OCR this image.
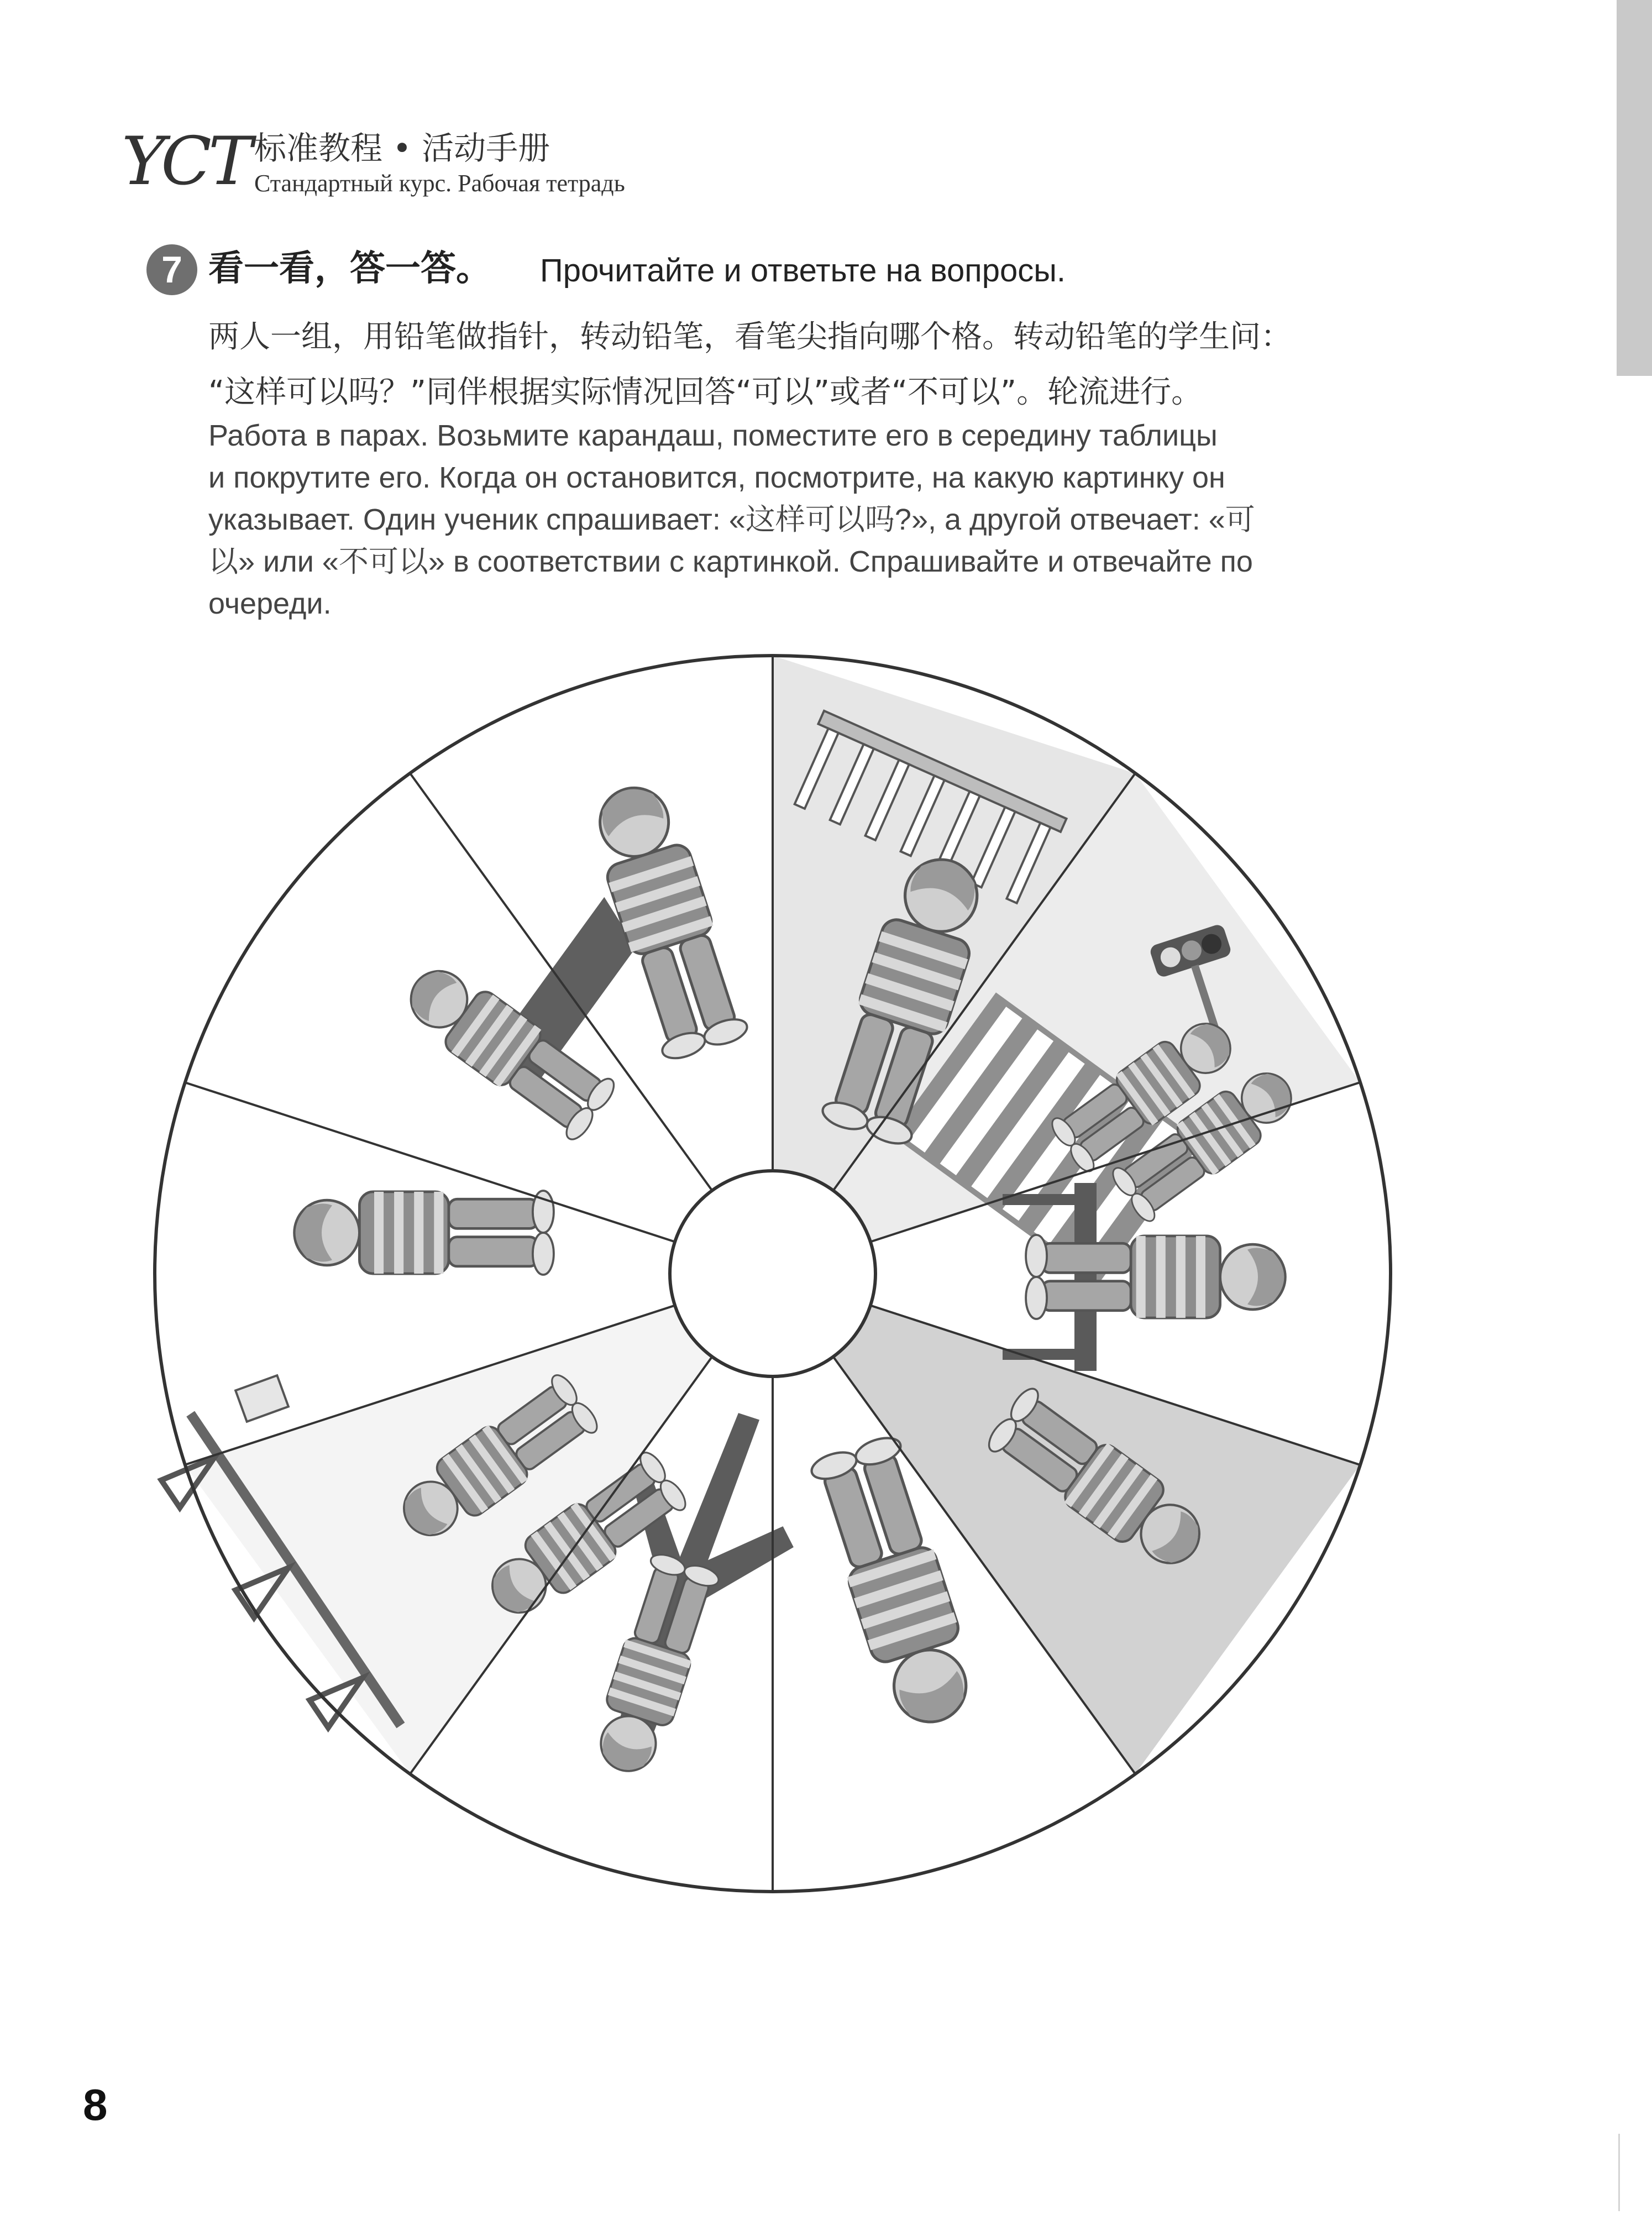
YCT 标准教程 • 活动手册
Стандартный курс. Рабочая тетрадь
7 看一看，答一答。 Прочитайте и ответьте на вопросы.

两人一组，用铅笔做指针，转动铅笔，看笔尖指向哪个格。转动铅笔的学生问：

“这样可以吗？”同伴根据实际情况回答“可以”或者“不可以”。轮流进行。

Работа в парах. Возьмите карандаш, поместите его в середину таблицы

и покрутите его. Когда он остановится, посмотрите, на какую картинку он

указывает. Один ученик спрашивает: «这样可以吗?», а другой отвечает: «可

以» или «不可以» в соответствии с картинкой. Спрашивайте и отвечайте по

очереди.

8
